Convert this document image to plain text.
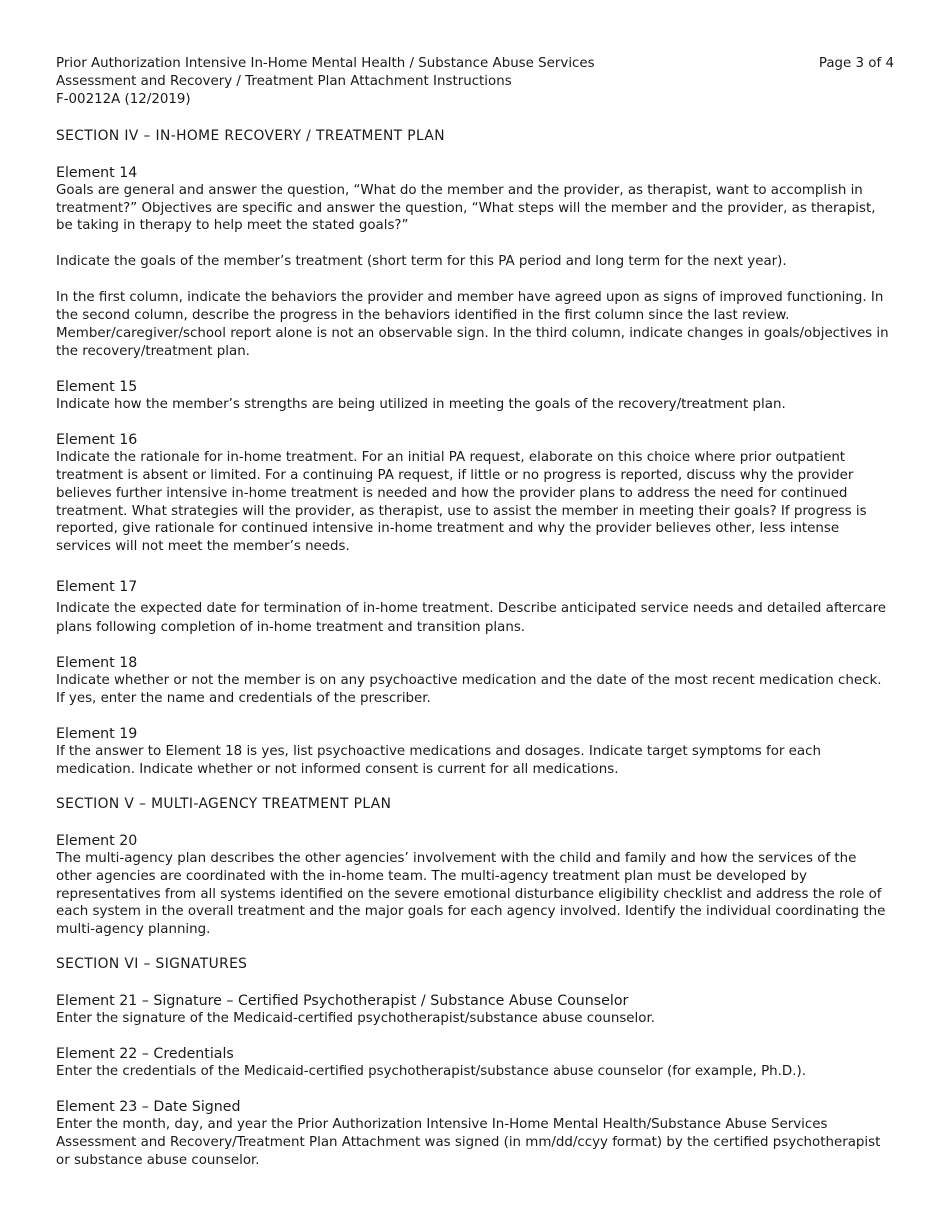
Prior Authorization Intensive In-Home Mental Health / Substance Abuse Services
Assessment and Recovery / Treatment Plan Attachment Instructions
F-00212A (12/2019)
Page 3 of 4
SECTION IV – IN-HOME RECOVERY / TREATMENT PLAN
Element 14

Goals are general and answer the question, “What do the member and the provider, as therapist, want to accomplish in treatment?” Objectives are specific and answer the question, “What steps will the member and the provider, as therapist, be taking in therapy to help meet the stated goals?”

Indicate the goals of the member’s treatment (short term for this PA period and long term for the next year).

In the first column, indicate the behaviors the provider and member have agreed upon as signs of improved functioning. In the second column, describe the progress in the behaviors identified in the first column since the last review. Member/caregiver/school report alone is not an observable sign. In the third column, indicate changes in goals/objectives in the recovery/treatment plan.

Element 15

Indicate how the member’s strengths are being utilized in meeting the goals of the recovery/treatment plan.

Element 16

Indicate the rationale for in-home treatment. For an initial PA request, elaborate on this choice where prior outpatient treatment is absent or limited. For a continuing PA request, if little or no progress is reported, discuss why the provider believes further intensive in-home treatment is needed and how the provider plans to address the need for continued treatment. What strategies will the provider, as therapist, use to assist the member in meeting their goals? If progress is reported, give rationale for continued intensive in-home treatment and why the provider believes other, less intense services will not meet the member’s needs.

Element 17

Indicate the expected date for termination of in-home treatment. Describe anticipated service needs and detailed aftercare plans following completion of in-home treatment and transition plans.

Element 18

Indicate whether or not the member is on any psychoactive medication and the date of the most recent medication check. If yes, enter the name and credentials of the prescriber.

Element 19

If the answer to Element 18 is yes, list psychoactive medications and dosages. Indicate target symptoms for each medication. Indicate whether or not informed consent is current for all medications.

SECTION V – MULTI-AGENCY TREATMENT PLAN
Element 20

The multi-agency plan describes the other agencies’ involvement with the child and family and how the services of the other agencies are coordinated with the in-home team. The multi-agency treatment plan must be developed by representatives from all systems identified on the severe emotional disturbance eligibility checklist and address the role of each system in the overall treatment and the major goals for each agency involved. Identify the individual coordinating the multi-agency planning.

SECTION VI – SIGNATURES
Element 21 – Signature – Certified Psychotherapist / Substance Abuse Counselor

Enter the signature of the Medicaid-certified psychotherapist/substance abuse counselor.

Element 22 – Credentials

Enter the credentials of the Medicaid-certified psychotherapist/substance abuse counselor (for example, Ph.D.).

Element 23 – Date Signed

Enter the month, day, and year the Prior Authorization Intensive In-Home Mental Health/Substance Abuse Services Assessment and Recovery/Treatment Plan Attachment was signed (in mm/dd/ccyy format) by the certified psychotherapist or substance abuse counselor.
